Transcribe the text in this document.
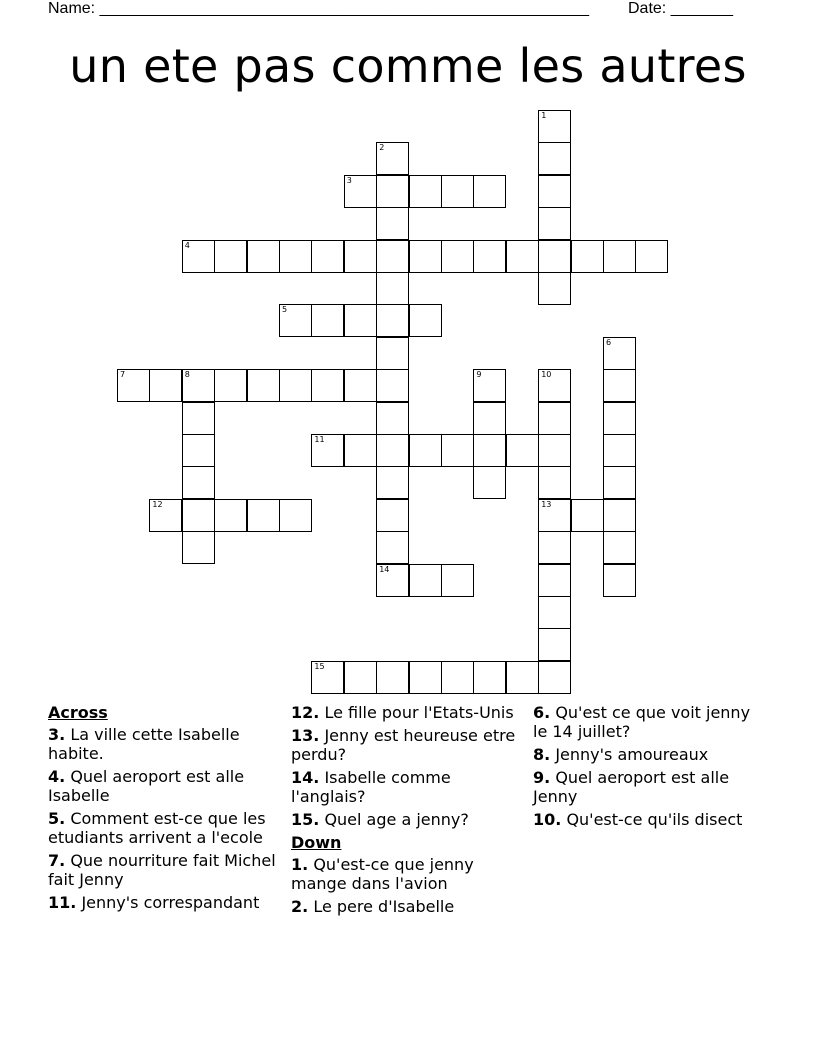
Name: _______________________________________________________ Date: _______
un ete pas comme les autres
1
2
14
3
4
5
6
7	8	9	10
13
11
12
15
Across
3. La ville cette Isabelle habite.
4. Quel aeroport est alle Isabelle
5. Comment est-ce que les etudiants arrivent a l'ecole
7. Que nourriture fait Michel fait Jenny
11. Jenny's correspandant
12. Le fille pour l'Etats-Unis
13. Jenny est heureuse etre perdu?
14. Isabelle comme l'anglais?
15. Quel age a jenny?
Down
1. Qu'est-ce que jenny mange dans l'avion
2. Le pere d'Isabelle
6. Qu'est ce que voit jenny le 14 juillet?
8. Jenny's amoureaux
9. Quel aeroport est alle Jenny
10. Qu'est-ce qu'ils disect
